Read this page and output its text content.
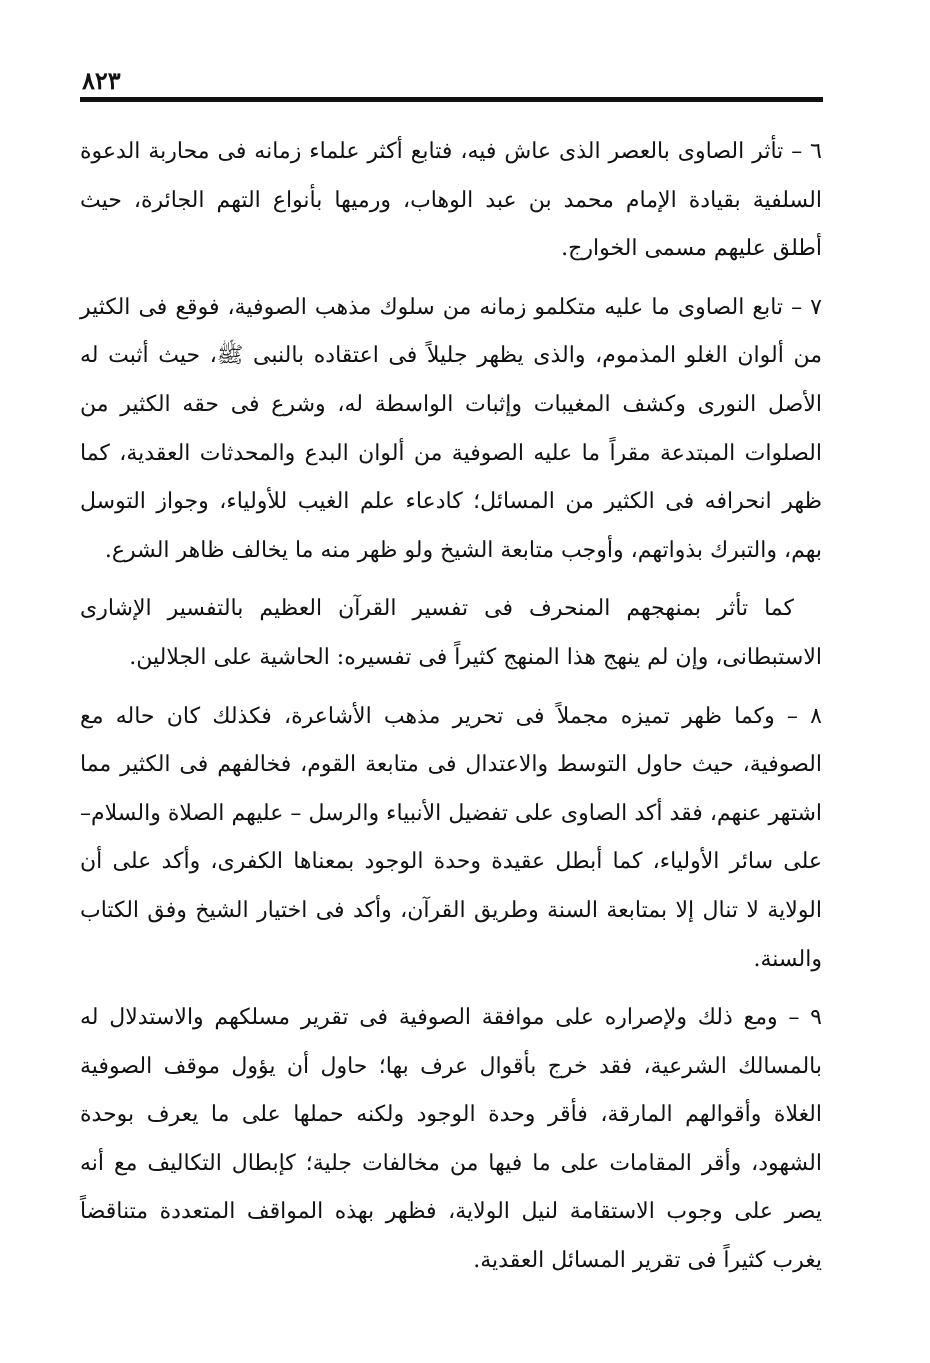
٨٢٣

٦ – تأثر الصاوى بالعصر الذى عاش فيه، فتابع أكثر علماء زمانه فى محاربة الدعوة السلفية بقيادة الإمام محمد بن عبد الوهاب، ورميها بأنواع التهم الجائرة، حيث أطلق عليهم مسمى الخوارج.

٧ – تابع الصاوى ما عليه متكلمو زمانه من سلوك مذهب الصوفية، فوقع فى الكثير من ألوان الغلو المذموم، والذى يظهر جليلاً فى اعتقاده بالنبى ﷺ، حيث أثبت له الأصل النورى وكشف المغيبات وإثبات الواسطة له، وشرع فى حقه الكثير من الصلوات المبتدعة مقراً ما عليه الصوفية من ألوان البدع والمحدثات العقدية، كما ظهر انحرافه فى الكثير من المسائل؛ كادعاء علم الغيب للأولياء، وجواز التوسل بهم، والتبرك بذواتهم، وأوجب متابعة الشيخ ولو ظهر منه ما يخالف ظاهر الشرع.

كما تأثر بمنهجهم المنحرف فى تفسير القرآن العظيم بالتفسير الإشارى الاستبطانى، وإن لم ينهج هذا المنهج كثيراً فى تفسيره: الحاشية على الجلالين.

٨ – وكما ظهر تميزه مجملاً فى تحرير مذهب الأشاعرة، فكذلك كان حاله مع الصوفية، حيث حاول التوسط والاعتدال فى متابعة القوم، فخالفهم فى الكثير مما اشتهر عنهم، فقد أكد الصاوى على تفضيل الأنبياء والرسل – عليهم الصلاة والسلام– على سائر الأولياء، كما أبطل عقيدة وحدة الوجود بمعناها الكفرى، وأكد على أن الولاية لا تنال إلا بمتابعة السنة وطريق القرآن، وأكد فى اختيار الشيخ وفق الكتاب والسنة.

٩ – ومع ذلك ولإصراره على موافقة الصوفية فى تقرير مسلكهم والاستدلال له بالمسالك الشرعية، فقد خرج بأقوال عرف بها؛ حاول أن يؤول موقف الصوفية الغلاة وأقوالهم المارقة، فأقر وحدة الوجود ولكنه حملها على ما يعرف بوحدة الشهود، وأقر المقامات على ما فيها من مخالفات جلية؛ كإبطال التكاليف مع أنه يصر على وجوب الاستقامة لنيل الولاية، فظهر بهذه المواقف المتعددة متناقضاً يغرب كثيراً فى تقرير المسائل العقدية.
